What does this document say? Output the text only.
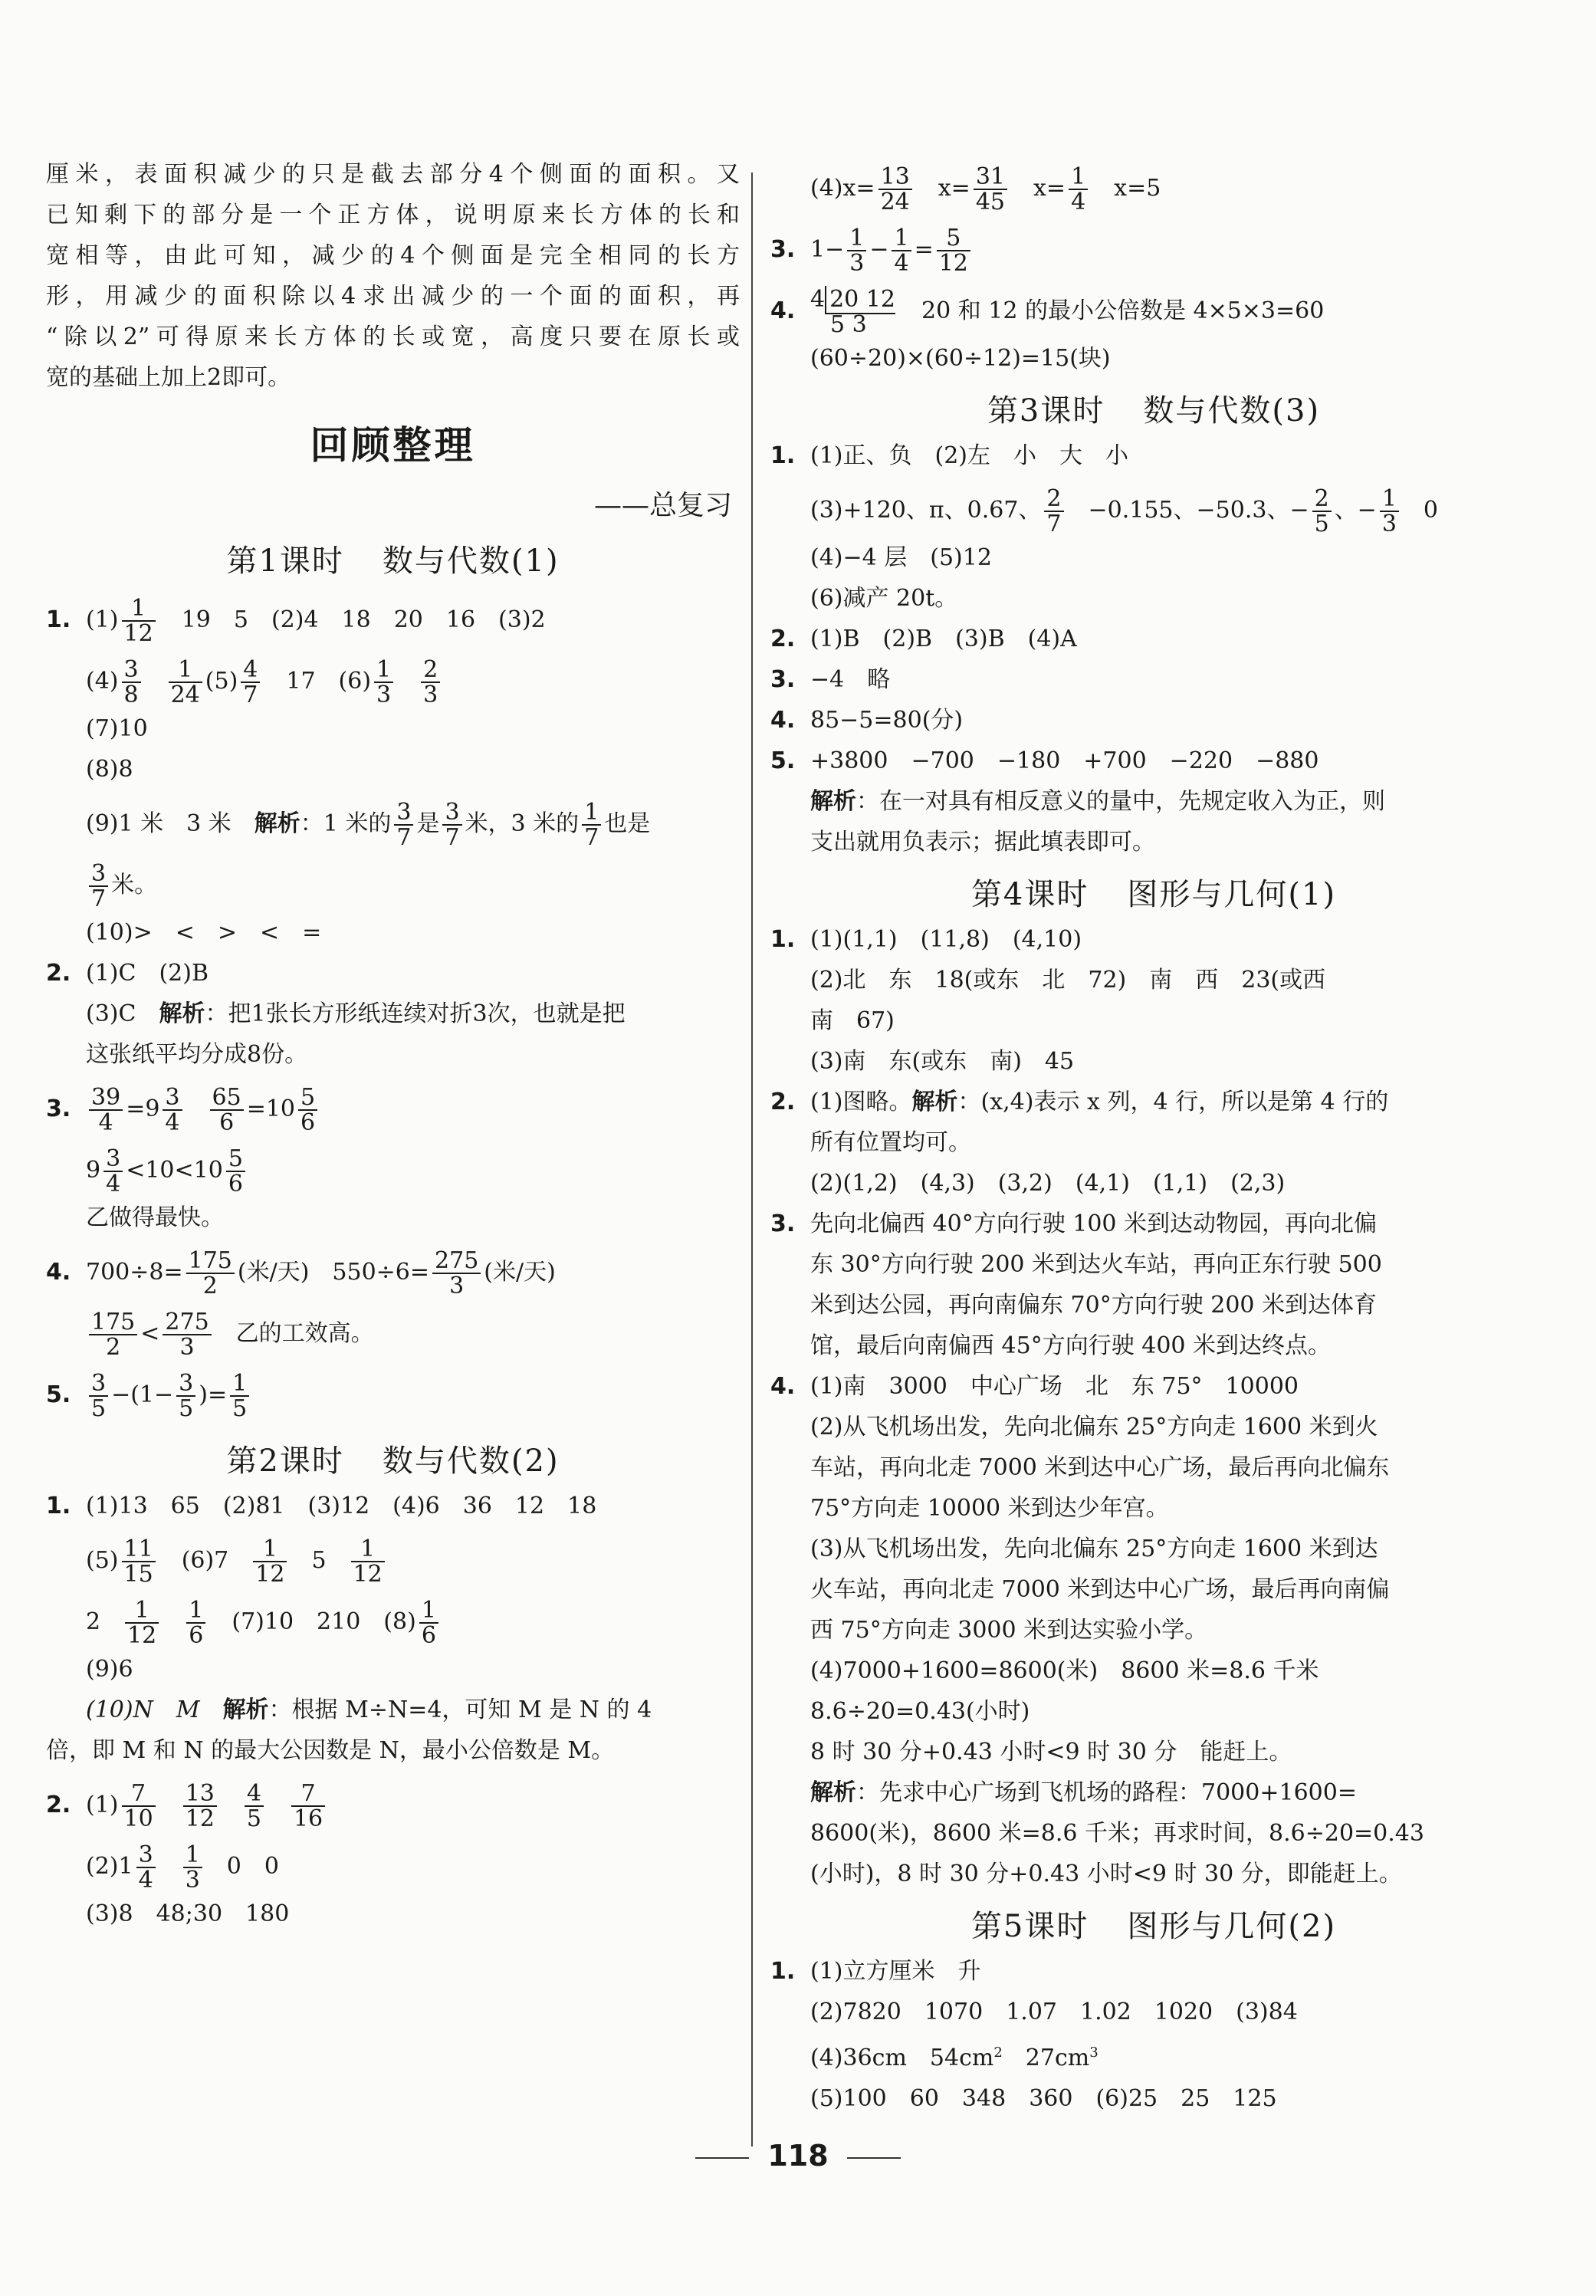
厘米，表面积减少的只是截去部分4个侧面的面积。又
已知剩下的部分是一个正方体，说明原来长方体的长和
宽相等，由此可知，减少的4个侧面是完全相同的长方
形，用减少的面积除以4求出减少的一个面的面积，再
“除以2”可得原来长方体的长或宽，高度只要在原长或
宽的基础上加上2即可。
回顾整理
——总复习
第1课时 数与代数(1)
1. $(1) \frac{1}{12}$
　 19　5　(2)4　18　20　16　(3)2
$(4) \frac{3}{8} \frac{1}{24} (5) \frac{4}{7}$
　 17　$(6) \frac{1}{3} \frac{2}{3}$
(7)10
(8)8
(9)1 米　3 米　解析：1 米的 $\frac{3}{7}$ 是 $\frac{3}{7}$ 米，3 米的 $\frac{1}{7}$ 也是
$\frac{3}{7}$ 米。
(10)>　<　>　<　=
2. (1)C　(2)B
(3)C　解析：把1张长方形纸连续对折3次，也就是把
这张纸平均分成8份。
3. $\frac{39}{4} =9 \frac{3}{4} \frac{65}{6} =10 \frac{5}{6}$
$9 \frac{3}{4} <10<10 \frac{5}{6}$
乙做得最快。
4. $700\div 8= \frac{175}{2}$ (米/天)　$550\div 6= \frac{275}{3}$ (米/天)
$\frac{175}{2} < \frac{275}{3}$ 乙的工效高。
5. $\frac{3}{5} -(1- \frac{3}{5}$ )= $\frac{1}{5}$
第2课时 数与代数(2)
1. (1)13　65　(2)81　(3)12　(4)6　36　12　18
$(5) \frac{11}{15}$
　 $(6)7 \frac{1}{12} 5 \frac{1}{12}$
$2 \frac{1}{12} \frac{1}{6}$
　 (7)10　210　$(8) \frac{1}{6}$
(9)6
(10)N　M　解析：根据 M÷N=4，可知 M 是 N 的 4
倍，即 M 和 N 的最大公因数是 N，最小公倍数是 M。
2. $(1) \frac{7}{10} \frac{13}{12} \frac{4}{5} \frac{7}{16}$
$(2)1 \frac{3}{4} \frac{1}{3} 0$　0
(3)8　48;30　180
$(4)x= \frac{13}{24}$
　 $x= \frac{31}{45}$
　 $x= \frac{1}{4}$
　 x=5
3. $1- \frac{1}{3} - \frac{1}{4} = \frac{5}{12}$
4. 4 20 12
5 3
20 和 12 的最小公倍数是 4×5×3=60
(60÷20)×(60÷12)=15(块)
第3课时 数与代数(3)
1. (1)正、负　(2)左　小　大　小
(3)+120、π、0.67、 $\frac{2}{7} -0.155$、−50.3、− $\frac{2}{5}$ 、− $\frac{1}{3} 0$
(4)−4 层　(5)12
(6)减产 20t。
2. (1)B　(2)B　(3)B　(4)A
3. −4　略
4. 85−5=80(分)
5. +3800　−700　−180　+700　−220　−880
解析：在一对具有相反意义的量中，先规定收入为正，则
支出就用负表示；据此填表即可。
第4课时 图形与几何(1)
1. (1)(1,1)　(11,8)　(4,10)
(2)北　东　18(或东　北　72)　南　西　23(或西
南　67)
(3)南　东(或东　南)　45
2. (1)图略。解析：(x,4)表示 x 列，4 行，所以是第 4 行的
所有位置均可。
(2)(1,2)　(4,3)　(3,2)　(4,1)　(1,1)　(2,3)
3. 先向北偏西 40°方向行驶 100 米到达动物园，再向北偏
东 30°方向行驶 200 米到达火车站，再向正东行驶 500
米到达公园，再向南偏东 70°方向行驶 200 米到达体育
馆，最后向南偏西 45°方向行驶 400 米到达终点。
4. (1)南　3000　中心广场　北　东 75°　10000
(2)从飞机场出发，先向北偏东 25°方向走 1600 米到火
车站，再向北走 7000 米到达中心广场，最后再向北偏东
75°方向走 10000 米到达少年宫。
(3)从飞机场出发，先向北偏东 25°方向走 1600 米到达
火车站，再向北走 7000 米到达中心广场，最后再向南偏
西 75°方向走 3000 米到达实验小学。
(4)7000+1600=8600(米)　8600 米=8.6 千米
8.6÷20=0.43(小时)
8 时 30 分+0.43 小时<9 时 30 分　能赶上。
解析：先求中心广场到飞机场的路程：7000+1600=
8600(米)，8600 米=8.6 千米；再求时间，8.6÷20=0.43
(小时)，8 时 30 分+0.43 小时<9 时 30 分，即能赶上。
第5课时 图形与几何(2)
1. (1)立方厘米　升
(2)7820　1070　1.07　1.02　1020　(3)84
(4)36cm　$54cm^2$　$27cm^3$
(5)100　60　348　360　(6)25　25　125
118
